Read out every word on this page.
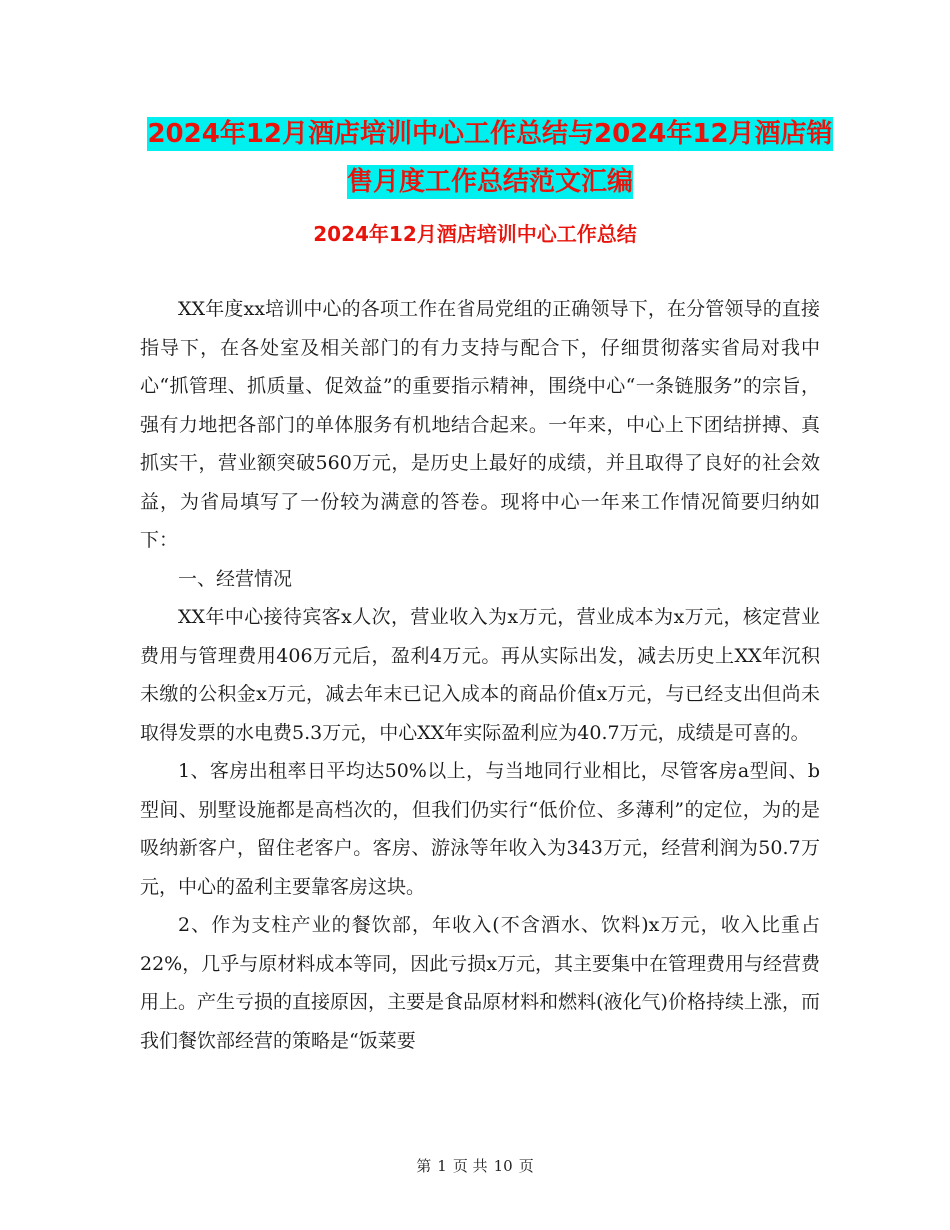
2024年12月酒店培训中心工作总结与2024年12月酒店销售月度工作总结范文汇编
2024年12月酒店培训中心工作总结

XX年度xx培训中心的各项工作在省局党组的正确领导下，在分管领导的直接指导下，在各处室及相关部门的有力支持与配合下，仔细贯彻落实省局对我中心“抓管理、抓质量、促效益”的重要指示精神，围绕中心“一条链服务”的宗旨，强有力地把各部门的单体服务有机地结合起来。一年来，中心上下团结拼搏、真抓实干，营业额突破560万元，是历史上最好的成绩，并且取得了良好的社会效益，为省局填写了一份较为满意的答卷。现将中心一年来工作情况简要归纳如下：

一、经营情况

XX年中心接待宾客x人次，营业收入为x万元，营业成本为x万元，核定营业费用与管理费用406万元后，盈利4万元。再从实际出发，减去历史上XX年沉积未缴的公积金x万元，减去年末已记入成本的商品价值x万元，与已经支出但尚未取得发票的水电费5.3万元，中心XX年实际盈利应为40.7万元，成绩是可喜的。

1、客房出租率日平均达50%以上，与当地同行业相比，尽管客房a型间、b型间、别墅设施都是高档次的，但我们仍实行“低价位、多薄利”的定位，为的是吸纳新客户，留住老客户。客房、游泳等年收入为343万元，经营利润为50.7万元，中心的盈利主要靠客房这块。

2、作为支柱产业的餐饮部，年收入(不含酒水、饮料)x万元，收入比重占22%，几乎与原材料成本等同，因此亏损x万元，其主要集中在管理费用与经营费用上。产生亏损的直接原因，主要是食品原材料和燃料(液化气)价格持续上涨，而我们餐饮部经营的策略是“饭菜要

第 1 页 共 10 页
